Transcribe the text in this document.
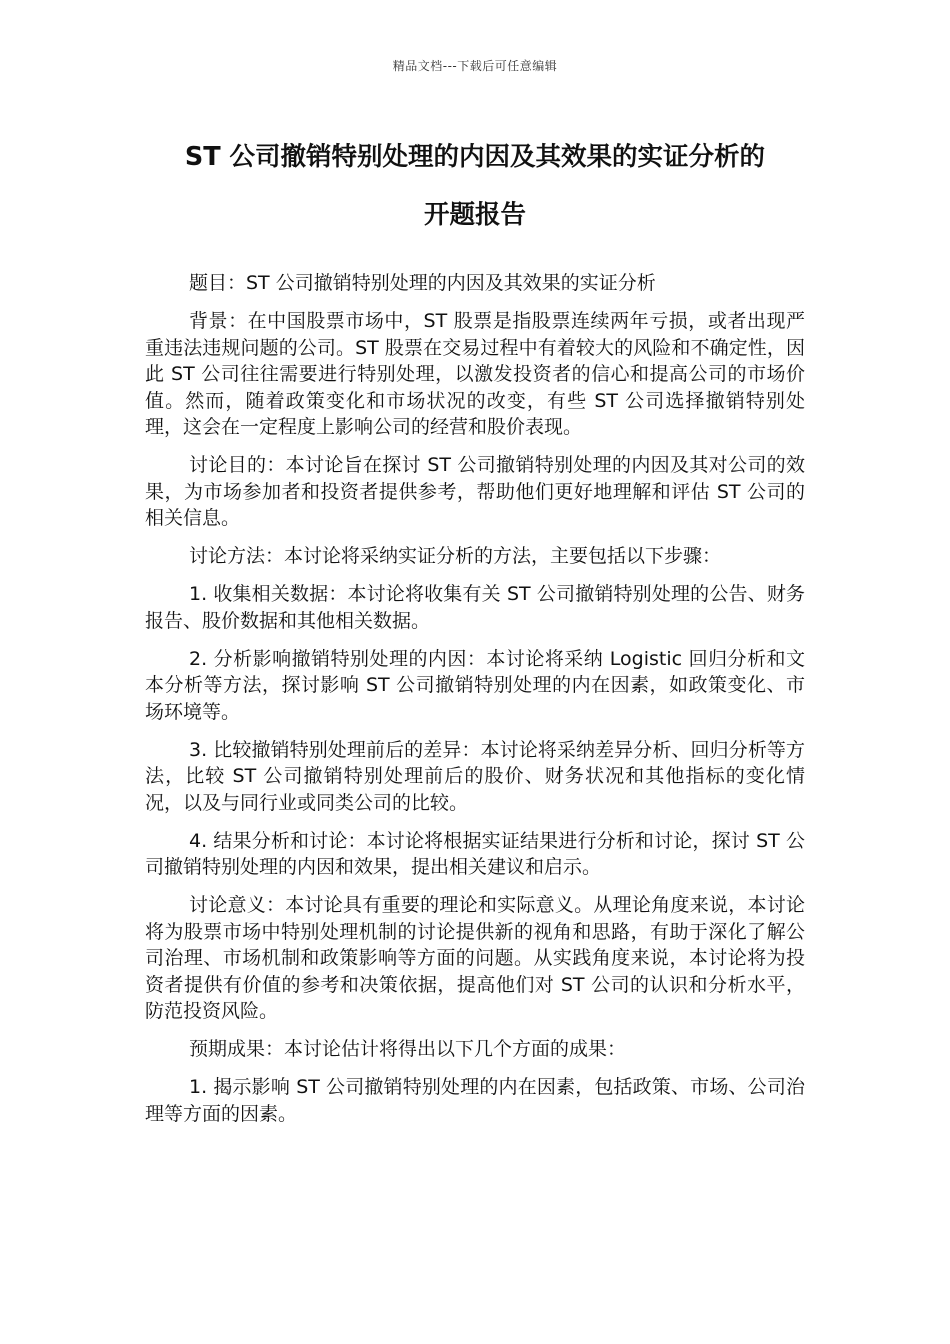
精品文档---下载后可任意编辑
ST 公司撤销特别处理的内因及其效果的实证分析的
开题报告

题目：ST 公司撤销特别处理的内因及其效果的实证分析

背景：在中国股票市场中，ST 股票是指股票连续两年亏损，或者出现严重违法违规问题的公司。ST 股票在交易过程中有着较大的风险和不确定性，因此 ST 公司往往需要进行特别处理，以激发投资者的信心和提高公司的市场价值。然而，随着政策变化和市场状况的改变，有些 ST 公司选择撤销特别处理，这会在一定程度上影响公司的经营和股价表现。

讨论目的：本讨论旨在探讨 ST 公司撤销特别处理的内因及其对公司的效果，为市场参加者和投资者提供参考，帮助他们更好地理解和评估 ST 公司的相关信息。

讨论方法：本讨论将采纳实证分析的方法，主要包括以下步骤：

1. 收集相关数据：本讨论将收集有关 ST 公司撤销特别处理的公告、财务报告、股价数据和其他相关数据。

2. 分析影响撤销特别处理的内因：本讨论将采纳 Logistic 回归分析和文本分析等方法，探讨影响 ST 公司撤销特别处理的内在因素，如政策变化、市场环境等。

3. 比较撤销特别处理前后的差异：本讨论将采纳差异分析、回归分析等方法，比较 ST 公司撤销特别处理前后的股价、财务状况和其他指标的变化情况，以及与同行业或同类公司的比较。

4. 结果分析和讨论：本讨论将根据实证结果进行分析和讨论，探讨 ST 公司撤销特别处理的内因和效果，提出相关建议和启示。

讨论意义：本讨论具有重要的理论和实际意义。从理论角度来说，本讨论将为股票市场中特别处理机制的讨论提供新的视角和思路，有助于深化了解公司治理、市场机制和政策影响等方面的问题。从实践角度来说，本讨论将为投资者提供有价值的参考和决策依据，提高他们对 ST 公司的认识和分析水平，防范投资风险。

预期成果：本讨论估计将得出以下几个方面的成果：

1. 揭示影响 ST 公司撤销特别处理的内在因素，包括政策、市场、公司治理等方面的因素。
